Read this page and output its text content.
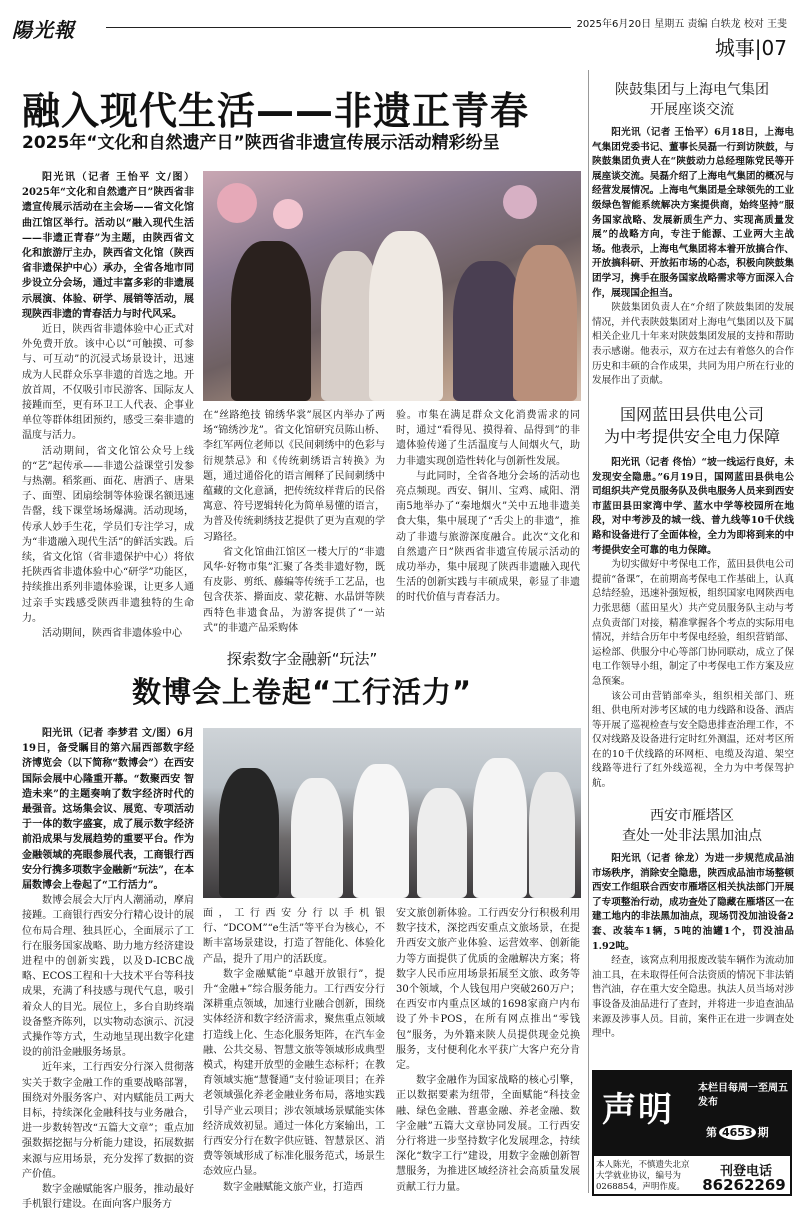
陽光報	2025年6月20日 星期五 责编 白轶龙 校对 王斐
城事|07
融入现代生活——非遗正青春
2025年“文化和自然遗产日”陕西省非遗宣传展示活动精彩纷呈

阳光讯（记者 王怡平 文/图）2025年“文化和自然遗产日”陕西省非遗宣传展示活动在主会场——省文化馆曲江馆区举行。活动以“融入现代生活——非遗正青春”为主题，由陕西省文化和旅游厅主办，陕西省文化馆（陕西省非遗保护中心）承办，全省各地市同步设立分会场，通过丰富多彩的非遗展示展演、体验、研学、展销等活动，展现陕西非遗的青春活力与时代风采。

近日，陕西省非遗体验中心正式对外免费开放。该中心以“可触摸、可参与、可互动”的沉浸式场景设计，迅速成为人民群众乐享非遗的首选之地。开放首周，不仅吸引市民游客、国际友人接踵而至，更有环卫工人代表、企事业单位等群体组团预约，感受三秦非遗的温度与活力。

活动期间，省文化馆公众号上线的“艺”起传承——非遗公益课堂引发参与热潮。稻浆画、面花、唐洒子、唐果子、面塑、团扇绘制等体验课名额迅速告罄，线下课堂场场爆满。活动现场，传承人妙手生花，学员们专注学习，成为“非遗融入现代生活”的鲜活实践。后续，省文化馆（省非遗保护中心）将依托陕西省非遗体验中心“研学”功能区，持续推出系列非遗体验课，让更多人通过亲手实践感受陕西非遗独特的生命力。

活动期间，陕西省非遗体验中心

在“丝路绝技 锦绣华裳”展区内举办了两场“锦绣沙龙”。省文化馆研究员陈山桥、李红军两位老师以《民间刺绣中的色彩与衍规禁忌》和《传统刺绣语言转换》为题，通过通俗化的语言阐释了民间刺绣中蕴藏的文化意涵，把传统纹样背后的民俗寓意、符号逻辑转化为简单易懂的语言，为普及传统刺绣技艺提供了更为直观的学习路径。

省文化馆曲江馆区一楼大厅的“非遗风华·好物市集”汇聚了各类非遗好物，既有皮影、剪纸、藤编等传统手工艺品，也包含茯茶、擀面皮、蒙花糖、水晶饼等陕西特色非遗食品，为游客提供了“一站式”的非遗产品采购体

验。市集在满足群众文化消费需求的同时，通过“看得见、摸得着、品得到”的非遗体验传递了生活温度与人间烟火气，助力非遗实现创造性转化与创新性发展。

与此同时，全省各地分会场的活动也亮点频现。西安、铜川、宝鸡、咸阳、渭南5地举办了“秦地烟火”关中五地非遗美食大集，集中展现了“舌尖上的非遗”，推动了非遗与旅游深度融合。此次“文化和自然遗产日”陕西省非遗宣传展示活动的成功举办，集中展现了陕西非遗融入现代生活的创新实践与丰硕成果，彰显了非遗的时代价值与青春活力。

探索数字金融新“玩法”
数博会上卷起“工行活力”

阳光讯（记者 李梦君 文/图）6月19日，备受瞩目的第六届西部数字经济博览会（以下简称“数博会”）在西安国际会展中心隆重开幕。“数聚西安 智造未来”的主题奏响了数字经济时代的最强音。这场集会议、展览、专项活动于一体的数字盛宴，成了展示数字经济前沿成果与发展趋势的重要平台。作为金融领域的亮眼参展代表，工商银行西安分行携多项数字金融新“玩法”，在本届数博会上卷起了“工行活力”。

数博会展会大厅内人潮涌动，摩肩接踵。工商银行西安分行精心设计的展位布局合理、独具匠心，全面展示了工行在服务国家战略、助力地方经济建设进程中的创新实践，以及D-ICBC战略、ECOS工程和十大技术平台等科技成果，充满了科技感与现代气息，吸引着众人的目光。展位上，多台自助终端设备整齐陈列，以实物动态演示、沉浸式操作等方式，生动地呈现出数字化建设的前沿金融服务场景。

近年来，工行西安分行深入贯彻落实关于数字金融工作的重要战略部署，围绕对外服务客户、对内赋能员工两大目标，持续深化金融科技与业务融合，进一步数转智改“五篇大文章”；重点加强数据挖掘与分析能力建设，拓展数据来源与应用场景，充分发挥了数据的资产价值。

数字金融赋能客户服务，推动最好手机银行建设。在面向客户服务方

面，工行西安分行以手机银行、“DCOM”“e生活”等平台为核心，不断丰富场景建设，打造了智能化、体验化产品，提升了用户的活跃度。

数字金融赋能“卓越开放银行”，提升“金融+”综合服务能力。工行西安分行深耕重点领域，加速行业融合创新，围绕实体经济和数字经济需求，聚焦重点领域打造线上化、生态化服务矩阵，在汽车金融、公共交易、智慧文旅等领域形成典型模式，构建开放型的金融生态标杆；在教育领域实施“慧餐通”支付验证项目；在养老领域强化养老金融业务布局，落地实践引导产业云项目；涉农领域场景赋能实体经济成效初显。通过一体化方案输出，工行西安分行在数字供应链、智慧景区、消费等领域形成了标准化服务范式，场景生态效应凸显。

数字金融赋能文旅产业，打造西

安文旅创新体验。工行西安分行积极利用数字技术，深挖西安重点文旅场景，在提升西安文旅产业体验、运营效率、创新能力等方面提供了优质的金融解决方案；将数字人民币应用场景拓展至文旅、政务等30个领域，个人钱包用户突破260万户；在西安市内重点区域的1698家商户内布设了外卡POS，在所有网点推出“零钱包”服务，为外籍来陕人员提供现金兑换服务，支付便利化水平获广大客户充分肯定。

数字金融作为国家战略的核心引擎，正以数据要素为纽带，全面赋能“科技金融、绿色金融、普惠金融、养老金融、数字金融”五篇大文章协同发展。工行西安分行将进一步坚持数字化发展理念，持续深化“数字工行”建设，用数字金融创新智慧服务，为推进区域经济社会高质量发展贡献工行力量。

陕鼓集团与上海电气集团
开展座谈交流

阳光讯（记者 王怡平）6月18日，上海电气集团党委书记、董事长吴磊一行到访陕鼓，与陕鼓集团负责人在“陕鼓动力总经理陈党民等开展座谈交流。吴磊介绍了上海电气集团的概况与经营发展情况。上海电气集团是全球领先的工业级绿色智能系统解决方案提供商，始终坚持“服务国家战略、发展新质生产力、实现高质量发展”的战略方向，专注于能源、工业两大主战场。他表示，上海电气集团将本着开放搞合作、开放搞科研、开放拓市场的心态，积极向陕鼓集团学习，携手在服务国家战略需求等方面深入合作，展现国企担当。

陕鼓集团负责人在“介绍了陕鼓集团的发展情况，并代表陕鼓集团对上海电气集团以及下属相关企业几十年来对陕鼓集团发展的支持和帮助表示感谢。他表示，双方在过去有着悠久的合作历史和丰硕的合作成果，共同为用户所在行业的发展作出了贡献。

国网蓝田县供电公司
为中考提供安全电力保障

阳光讯（记者 佟怡）“坡一线运行良好，未发现安全隐患。”6月19日，国网蓝田县供电公司组织共产党员服务队及供电服务人员来到西安市蓝田县田家湾中学、蓝水中学等校园所在地段，对中考涉及的城一线、普九线等10千伏线路和设备进行了全面体检，全力为即将到来的中考提供安全可靠的电力保障。

为切实做好中考保电工作，蓝田县供电公司提前“备课”，在前期高考保电工作基础上，认真总结经验，迅速补强短板，组织国家电网陕西电力张思德（蓝田星火）共产党员服务队主动与考点负责部门对接，精准掌握各个考点的实际用电情况，并结合历年中考保电经验，组织营销部、运检部、供服分中心等部门协同联动，成立了保电工作领导小组，制定了中考保电工作方案及应急预案。

该公司由营销部牵头，组织相关部门、班组、供电所对涉考区域的电力线路和设备、酒店等开展了巡视检查与安全隐患排查治理工作，不仅对线路及设备进行定时红外测温，还对考区所在的10千伏线路的环网柜、电缆及沟道、架空线路等进行了红外线巡视，全力为中考保驾护航。

西安市雁塔区
查处一处非法黑加油点

阳光讯（记者 徐龙）为进一步规范成品油市场秩序，消除安全隐患，陕西成品油市场整顿西安工作组联合西安市雁塔区相关执法部门开展了专项整治行动，成功查处了隐藏在雁塔区一在建工地内的非法黑加油点，现场罚没加油设备2套、改装车1辆，5吨的油罐1个，罚没油品1.92吨。

经查，该窝点利用报废改装车辆作为流动加油工具，在未取得任何合法资质的情况下非法销售汽油，存在重大安全隐患。执法人员当场对涉事设备及油品进行了查封，并将进一步追查油品来源及涉事人员。目前，案件正在进一步调查处理中。

声明
本栏目每周一至周五发布
第 4653 期
本人陈光，不慎遗失北京大学就业协议，编号为0268854，声明作废。
刊登电话
86262269
